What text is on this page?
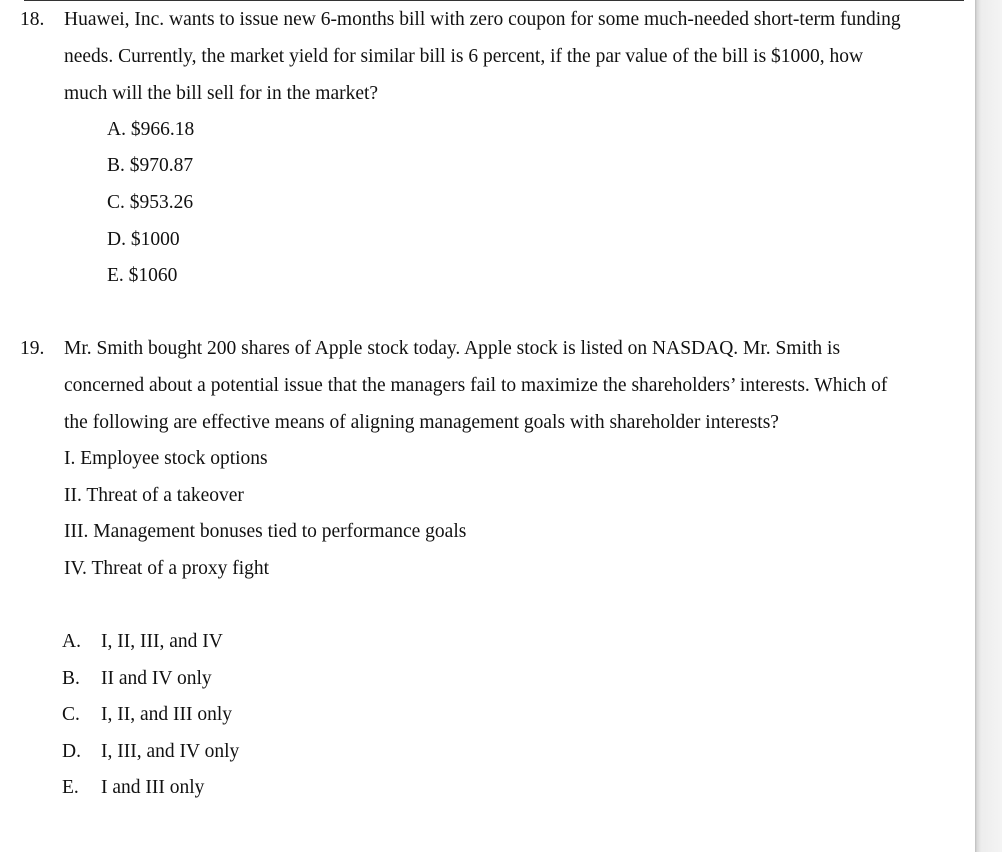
18. Huawei, Inc. wants to issue new 6-months bill with zero coupon for some much-needed short-term funding
needs. Currently, the market yield for similar bill is 6 percent, if the par value of the bill is $1000, how
much will the bill sell for in the market?
A. $966.18
B. $970.87
C. $953.26
D. $1000
E. $1060
19. Mr. Smith bought 200 shares of Apple stock today. Apple stock is listed on NASDAQ. Mr. Smith is
concerned about a potential issue that the managers fail to maximize the shareholders’ interests. Which of
the following are effective means of aligning management goals with shareholder interests?
I. Employee stock options
II. Threat of a takeover
III. Management bonuses tied to performance goals
IV. Threat of a proxy fight
A. I, II, III, and IV
B. II and IV only
C. I, II, and III only
D. I, III, and IV only
E. I and III only
